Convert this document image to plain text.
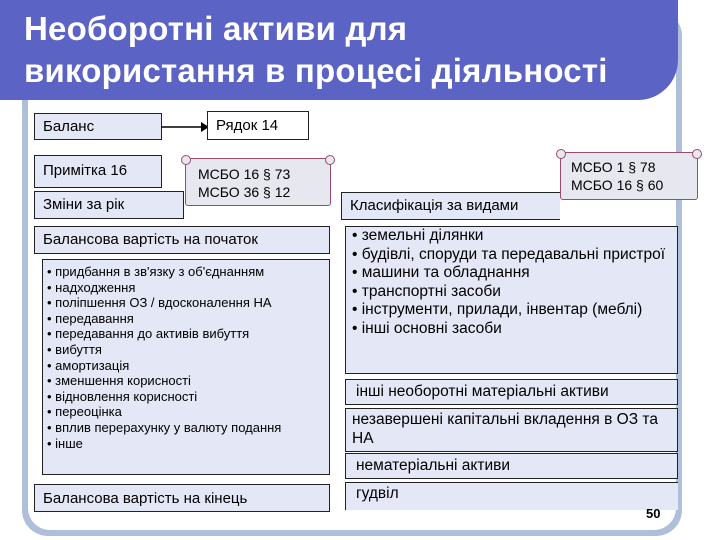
Необоротні активи для
використання в процесі діяльності
Баланс	Рядок 14
Примітка 16
Зміни за рік
МСБО 16 § 73
МСБО 36 § 12
Балансова вартість на початок
• придбання в зв'язку з об'єднанням
• надходження
• поліпшення ОЗ / вдосконалення НА
• передавання
• передавання до активів вибуття
• вибуття
• амортизація
• зменшення корисності
• відновлення корисності
• переоцінка
• вплив перерахунку у валюту подання
• інше
Балансова вартість на кінець
МСБО 1 § 78
МСБО 16 § 60
Класифікація за видами
• земельні ділянки
• будівлі, споруди та передавальні пристрої
• машини та обладнання
• транспортні засоби
• інструменти, прилади, інвентар (меблі)
• інші основні засоби
інші необоротні матеріальні активи
незавершені капітальні вкладення в ОЗ та НА
нематеріальні активи
гудвіл
50
